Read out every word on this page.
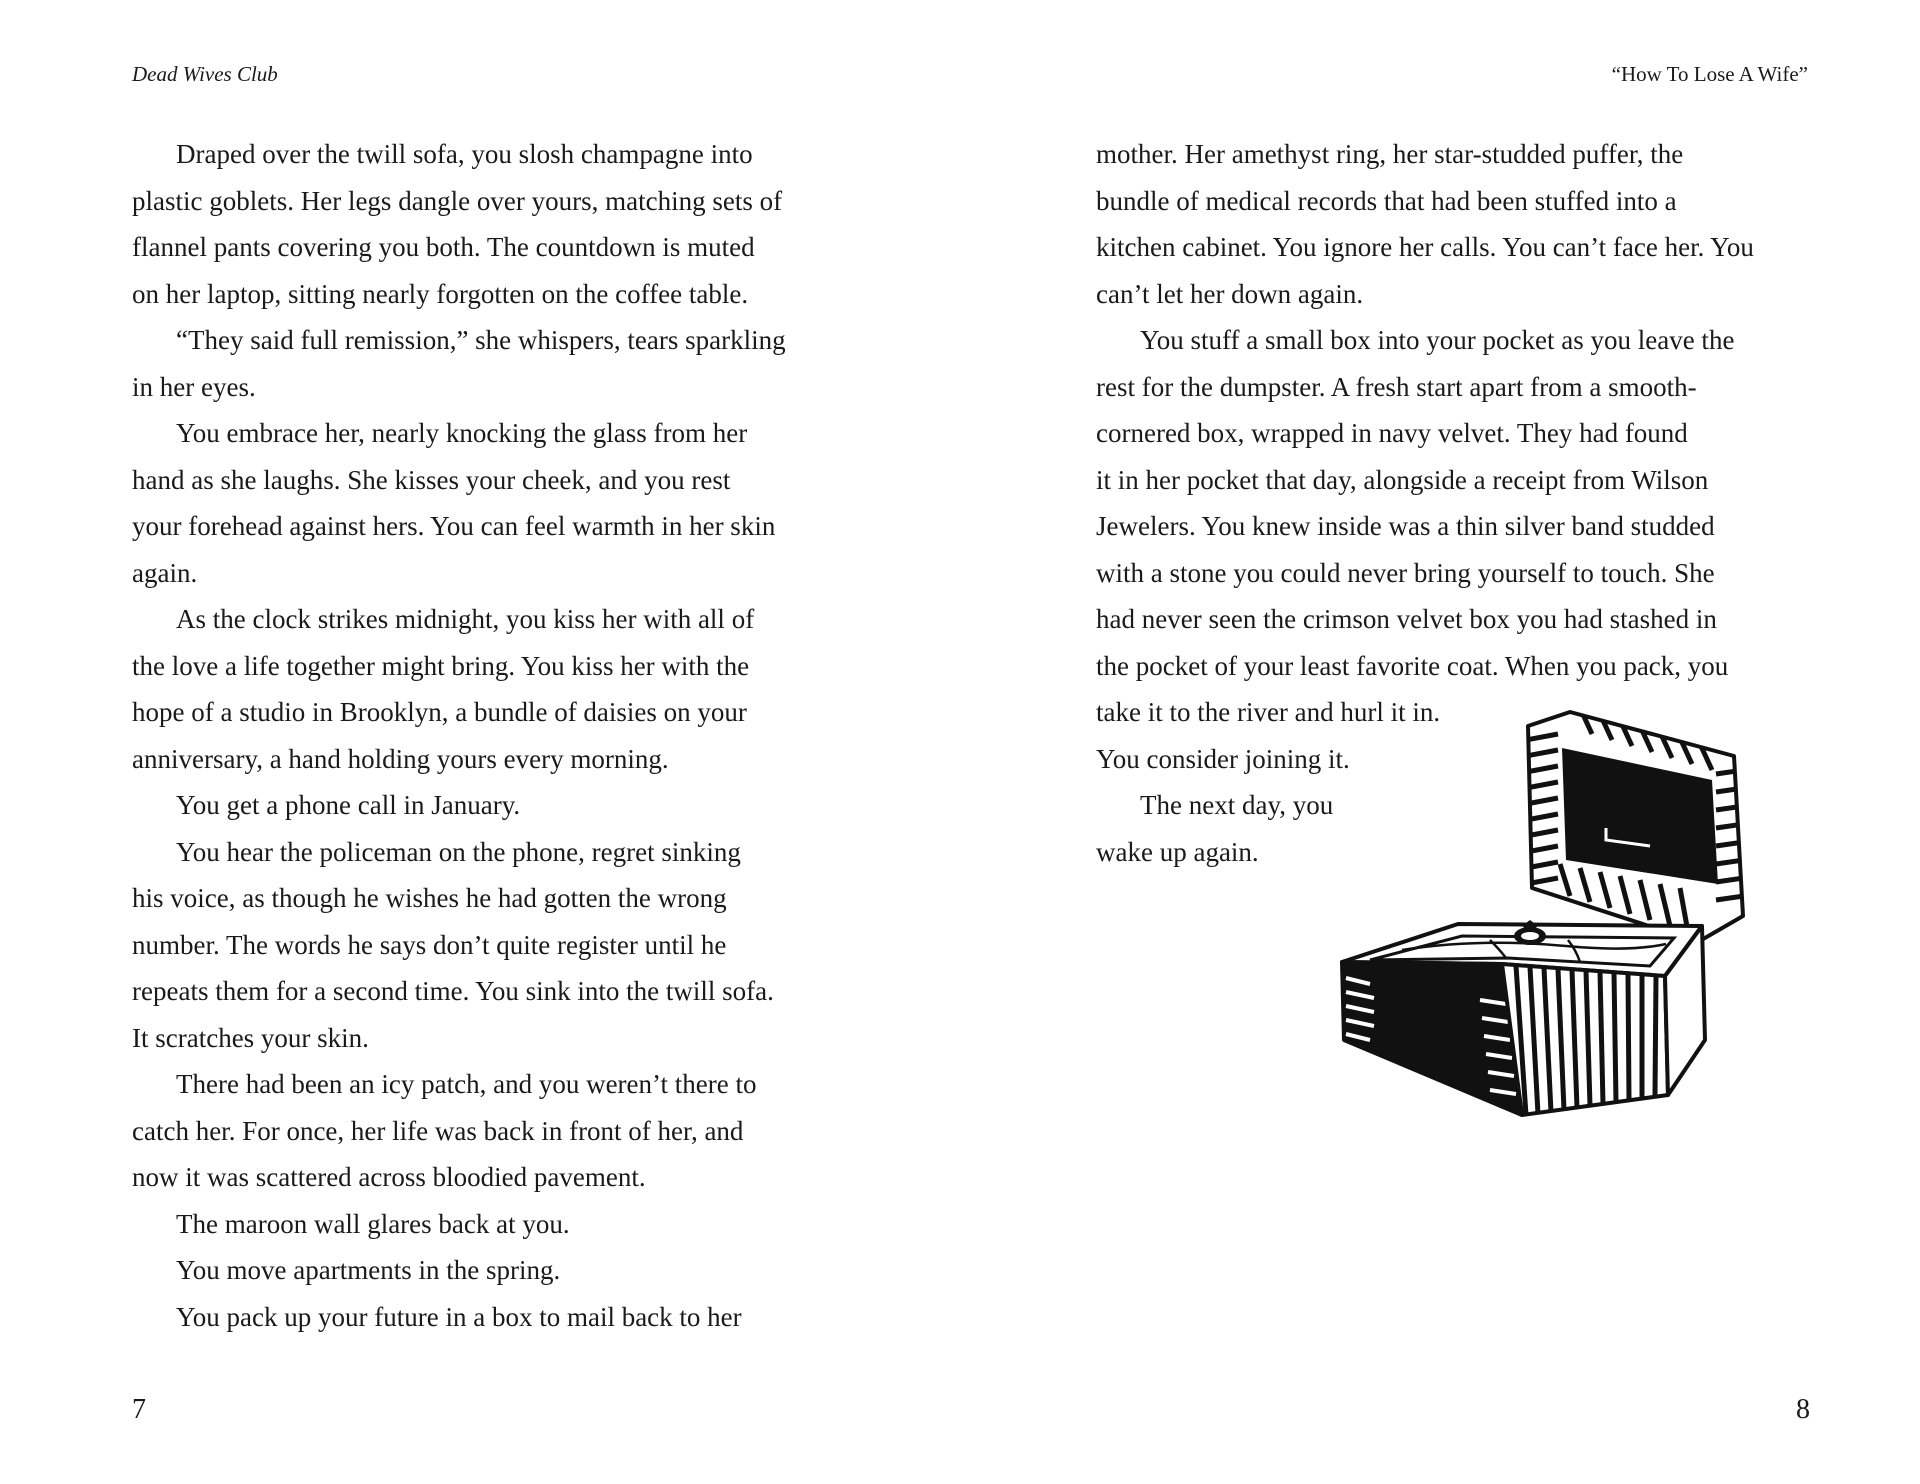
Dead Wives Club
Draped over the twill sofa, you slosh champagne into
plastic goblets. Her legs dangle over yours, matching sets of
flannel pants covering you both. The countdown is muted
on her laptop, sitting nearly forgotten on the coffee table.
“They said full remission,” she whispers, tears sparkling
in her eyes.
You embrace her, nearly knocking the glass from her
hand as she laughs. She kisses your cheek, and you rest
your forehead against hers. You can feel warmth in her skin
again.
As the clock strikes midnight, you kiss her with all of
the love a life together might bring. You kiss her with the
hope of a studio in Brooklyn, a bundle of daisies on your
anniversary, a hand holding yours every morning.
You get a phone call in January.
You hear the policeman on the phone, regret sinking
his voice, as though he wishes he had gotten the wrong
number. The words he says don’t quite register until he
repeats them for a second time. You sink into the twill sofa.
It scratches your skin.
There had been an icy patch, and you weren’t there to
catch her. For once, her life was back in front of her, and
now it was scattered across bloodied pavement.
The maroon wall glares back at you.
You move apartments in the spring.
You pack up your future in a box to mail back to her
7
“How To Lose A Wife”
mother. Her amethyst ring, her star-studded puffer, the
bundle of medical records that had been stuffed into a
kitchen cabinet. You ignore her calls. You can’t face her. You
can’t let her down again.
You stuff a small box into your pocket as you leave the
rest for the dumpster. A fresh start apart from a smooth-
cornered box, wrapped in navy velvet. They had found
it in her pocket that day, alongside a receipt from Wilson
Jewelers. You knew inside was a thin silver band studded
with a stone you could never bring yourself to touch. She
had never seen the crimson velvet box you had stashed in
the pocket of your least favorite coat. When you pack, you
take it to the river and hurl it in.
You consider joining it.
The next day, you
wake up again.
8
